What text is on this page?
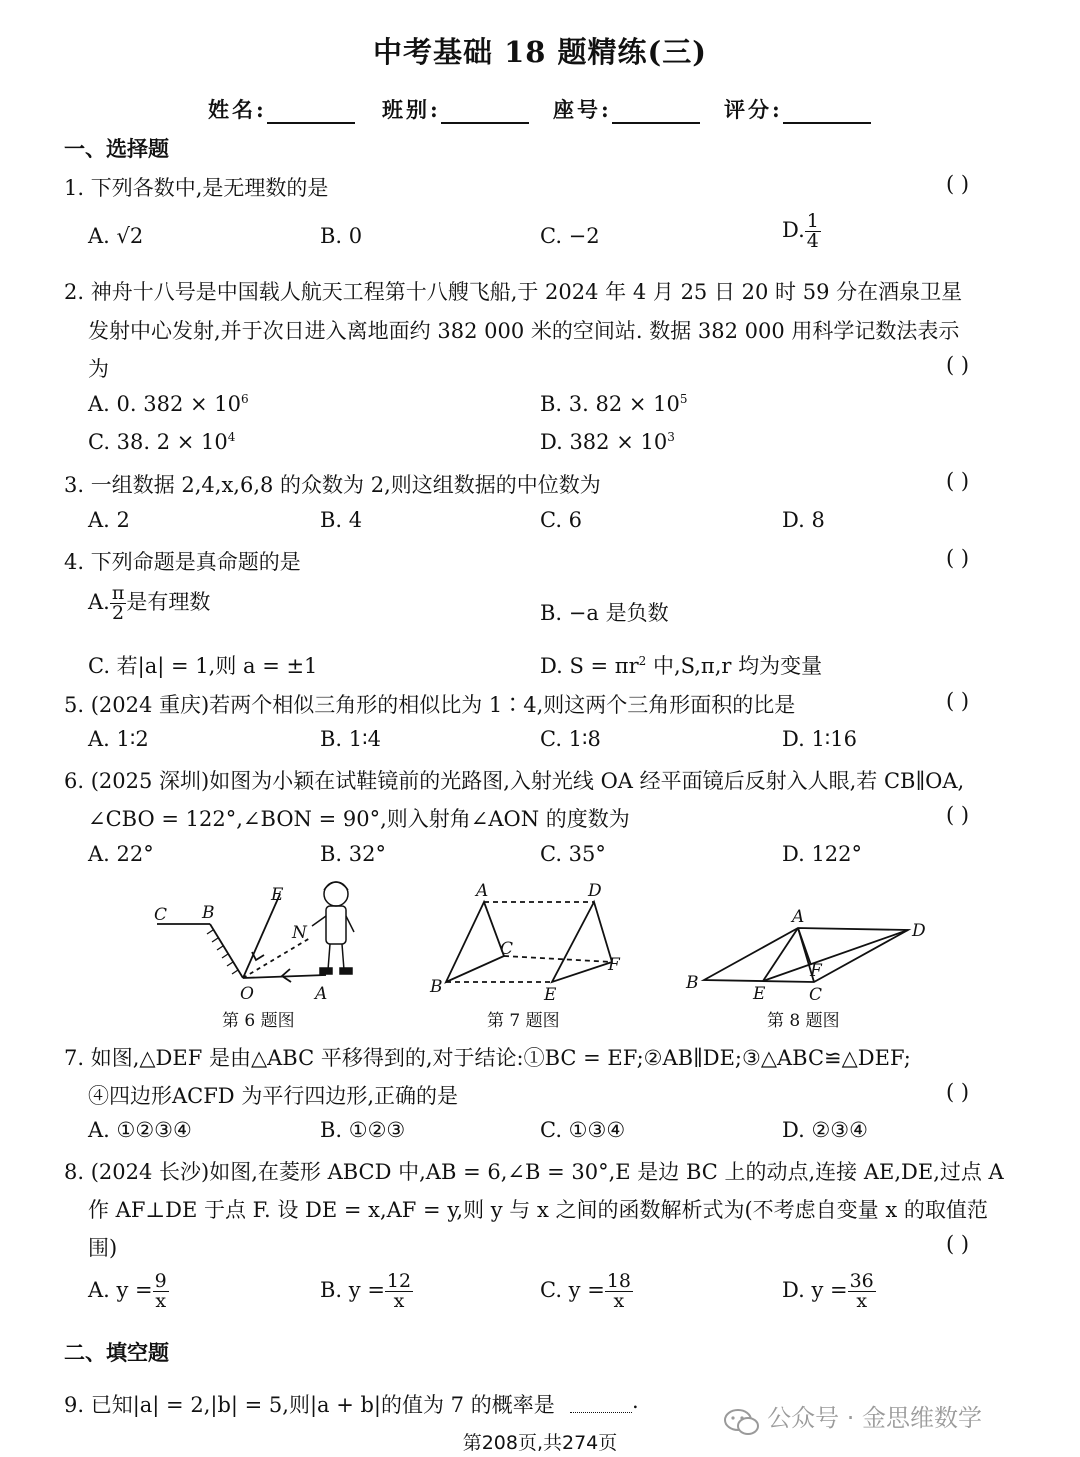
中考基础 18 题精练(三)
姓名:	班别:	座号:	评分:
一、选择题
1. 下列各数中,是无理数的是	( )
A. √2	B. 0	C. −2	D. $\frac{1}{4}$
2. 神舟十八号是中国载人航天工程第十八艘飞船,于 2024 年 4 月 25 日 20 时 59 分在酒泉卫星
发射中心发射,并于次日进入离地面约 382 000 米的空间站. 数据 382 000 用科学记数法表示
为	( )
A. 0. $382 \times 10^6$	B. 3. $82 \times 10^5$
C. 38. $2 \times 10^4$	D. $382 \times 10^3$
3. 一组数据 2,4,x,6,8 的众数为 2,则这组数据的中位数为	( )
A. 2	B. 4	C. 6	D. 8
4. 下列命题是真命题的是	( )
A. $\frac{\pi}{2}$ 是有理数	B. −a 是负数
C. 若|a| = 1,则 a = ±1	D. $S = \pi r^2$ 中,S,π,r 均为变量
5. (2024 重庆)若两个相似三角形的相似比为 1∶4,则这两个三角形面积的比是	( )
A. 1∶2	B. 1∶4	C. 1∶8	D. 1∶16
6. (2025 深圳)如图为小颖在试鞋镜前的光路图,入射光线 OA 经平面镜后反射入人眼,若 CB∥OA,
∠CBO = 122°,∠BON = 90°,则入射角∠AON 的度数为	( )
A. 22°	B. 32°	C. 35°	D. 122°
C B
E
N
O	A
第 6 题图
A	D
C
F
B	E
第 7 题图
A
D
F
B
E	C
第 8 题图
7. 如图,△DEF 是由△ABC 平移得到的,对于结论:①BC = EF;②AB∥DE;③△ABC≌△DEF;
④四边形ACFD 为平行四边形,正确的是	( )
A. ①②③④	B. ①②③	C. ①③④	D. ②③④
8. (2024 长沙)如图,在菱形 ABCD 中,AB = 6,∠B = 30°,E 是边 BC 上的动点,连接 AE,DE,过点 A
作 AF⊥DE 于点 F. 设 DE = x,AF = y,则 y 与 x 之间的函数解析式为(不考虑自变量 x 的取值范
围)	( )
A. $y = \frac{9}{x}$	B. $y = \frac{12}{x}$	C. $y = \frac{18}{x}$	D. $y = \frac{36}{x}$
二、填空题
9. 已知|a| = 2,|b| = 5,则|a + b|的值为 7 的概率是	.
公众号 · 金思维数学
第208页,共274页
